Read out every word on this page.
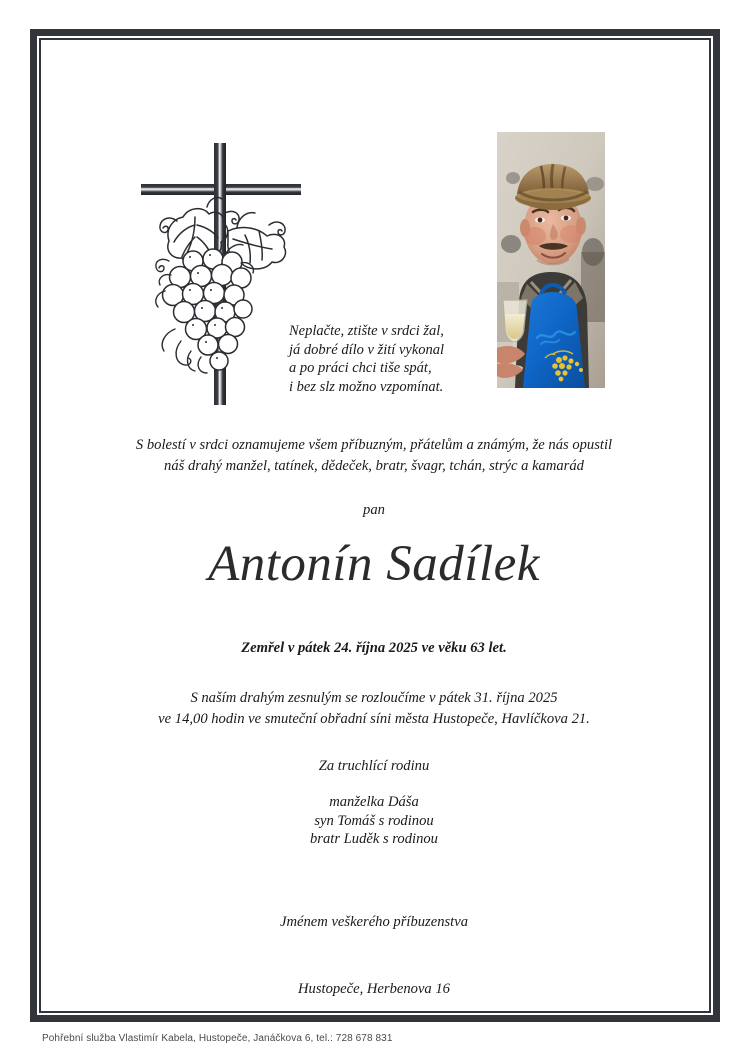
Neplačte, ztište v srdci žal,
já dobré dílo v žití vykonal
a po práci chci tiše spát,
i bez slz možno vzpomínat.
S bolestí v srdci oznamujeme všem příbuzným, přátelům a známým, že nás opustil
náš drahý manžel, tatínek, dědeček, bratr, švagr, tchán, strýc a kamarád
pan
Antonín Sadílek
Zemřel v pátek 24. října 2025 ve věku 63 let.
S naším drahým zesnulým se rozloučíme v pátek 31. října 2025
ve 14,00 hodin ve smuteční obřadní síni města Hustopeče, Havlíčkova 21.
Za truchlící rodinu
manželka Dáša
syn Tomáš s rodinou
bratr Luděk s rodinou
Jménem veškerého příbuzenstva
Hustopeče, Herbenova 16
Pohřební služba Vlastimír Kabela, Hustopeče, Janáčkova 6, tel.: 728 678 831
